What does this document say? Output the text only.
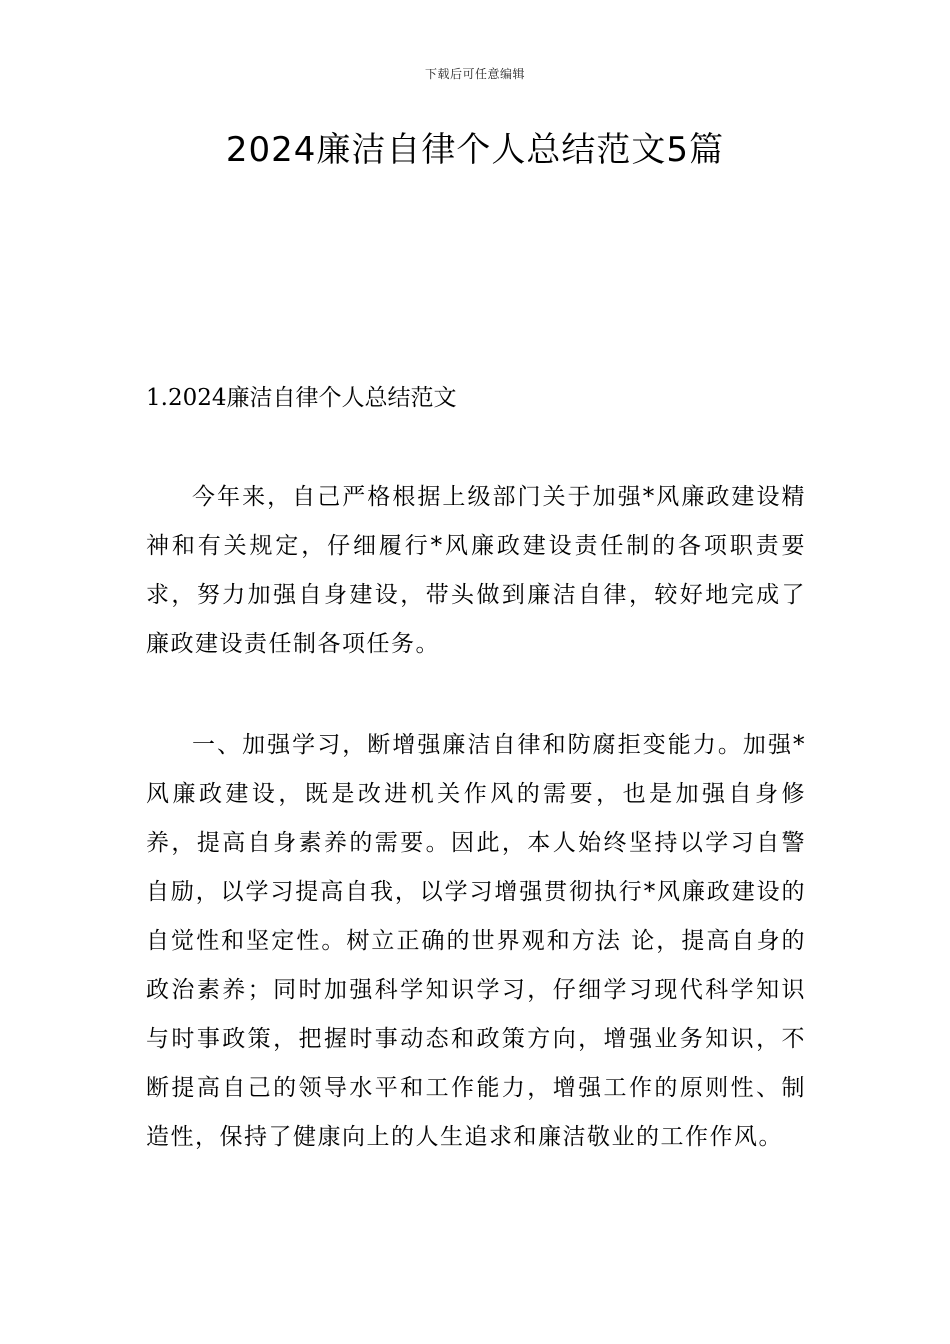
下载后可任意编辑
2024廉洁自律个人总结范文5篇

1.2024廉洁自律个人总结范文

今年来，自己严格根据上级部门关于加强*风廉政建设精神和有关规定，仔细履行*风廉政建设责任制的各项职责要求，努力加强自身建设，带头做到廉洁自律，较好地完成了廉政建设责任制各项任务。

一、加强学习，断增强廉洁自律和防腐拒变能力。加强*风廉政建设，既是改进机关作风的需要，也是加强自身修养，提高自身素养的需要。因此，本人始终坚持以学习自警自励，以学习提高自我，以学习增强贯彻执行*风廉政建设的自觉性和坚定性。树立正确的世界观和方法 论，提高自身的政治素养；同时加强科学知识学习，仔细学习现代科学知识与时事政策，把握时事动态和政策方向，增强业务知识，不断提高自己的领导水平和工作能力，增强工作的原则性、制造性，保持了健康向上的人生追求和廉洁敬业的工作作风。
